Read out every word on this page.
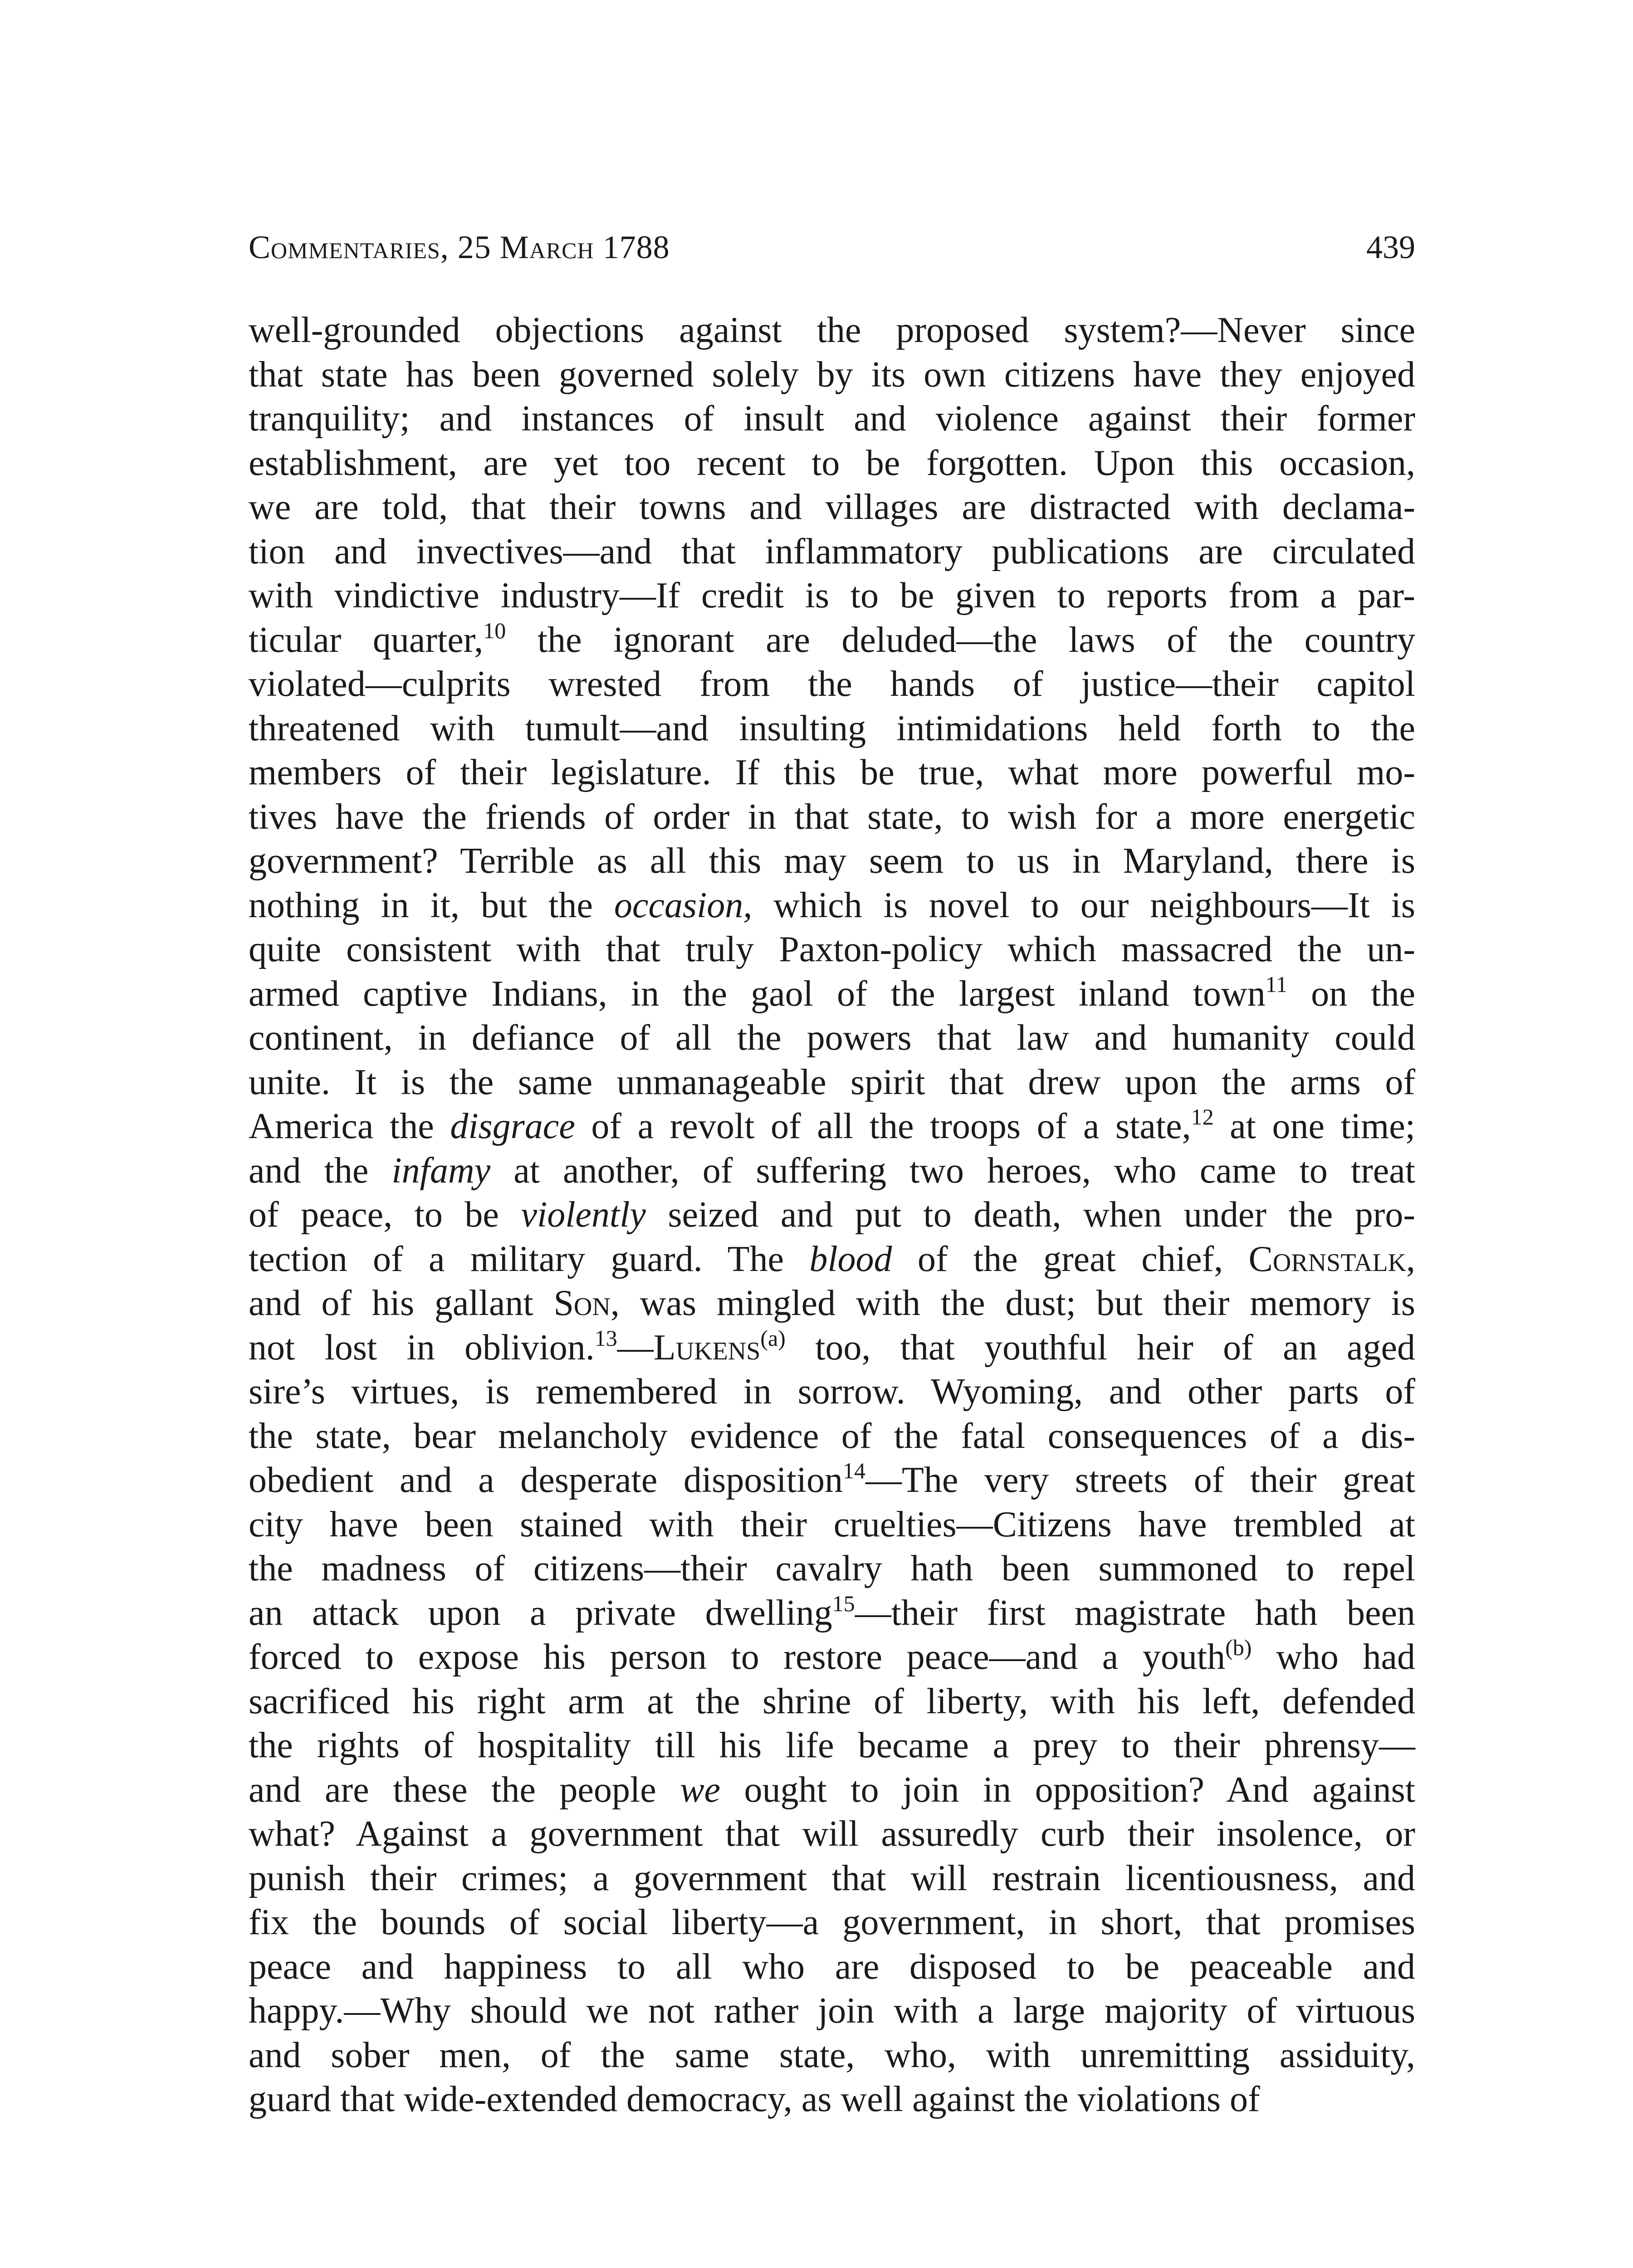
Commentaries, 25 March 1788	439
well-grounded objections against the proposed system?—Never since
that state has been governed solely by its own citizens have they enjoyed
tranquility; and instances of insult and violence against their former
establishment, are yet too recent to be forgotten. Upon this occasion,
we are told, that their towns and villages are distracted with declama-
tion and invectives—and that inflammatory publications are circulated
with vindictive industry—If credit is to be given to reports from a par-
ticular quarter,$^{10}$ the ignorant are deluded—the laws of the country
violated—culprits wrested from the hands of justice—their capitol
threatened with tumult—and insulting intimidations held forth to the
members of their legislature. If this be true, what more powerful mo-
tives have the friends of order in that state, to wish for a more energetic
government? Terrible as all this may seem to us in Maryland, there is
nothing in it, but the occasion, which is novel to our neighbours—It is
quite consistent with that truly Paxton-policy which massacred the un-
armed captive Indians, in the gaol of the largest inland town$^{11}$ on the
continent, in defiance of all the powers that law and humanity could
unite. It is the same unmanageable spirit that drew upon the arms of
America the disgrace of a revolt of all the troops of a state,$^{12}$ at one time;
and the infamy at another, of suffering two heroes, who came to treat
of peace, to be violently seized and put to death, when under the pro-
tection of a military guard. The blood of the great chief, Cornstalk,
and of his gallant Son, was mingled with the dust; but their memory is
not lost in oblivion.$^{13}$—Lukens$^{(a)}$ too, that youthful heir of an aged
sire’s virtues, is remembered in sorrow. Wyoming, and other parts of
the state, bear melancholy evidence of the fatal consequences of a dis-
obedient and a desperate disposition$^{14}$—The very streets of their great
city have been stained with their cruelties—Citizens have trembled at
the madness of citizens—their cavalry hath been summoned to repel
an attack upon a private dwelling$^{15}$—their first magistrate hath been
forced to expose his person to restore peace—and a youth$^{(b)}$ who had
sacrificed his right arm at the shrine of liberty, with his left, defended
the rights of hospitality till his life became a prey to their phrensy—
and are these the people we ought to join in opposition? And against
what? Against a government that will assuredly curb their insolence, or
punish their crimes; a government that will restrain licentiousness, and
fix the bounds of social liberty—a government, in short, that promises
peace and happiness to all who are disposed to be peaceable and
happy.—Why should we not rather join with a large majority of virtuous
and sober men, of the same state, who, with unremitting assiduity,
guard that wide-extended democracy, as well against the violations of
